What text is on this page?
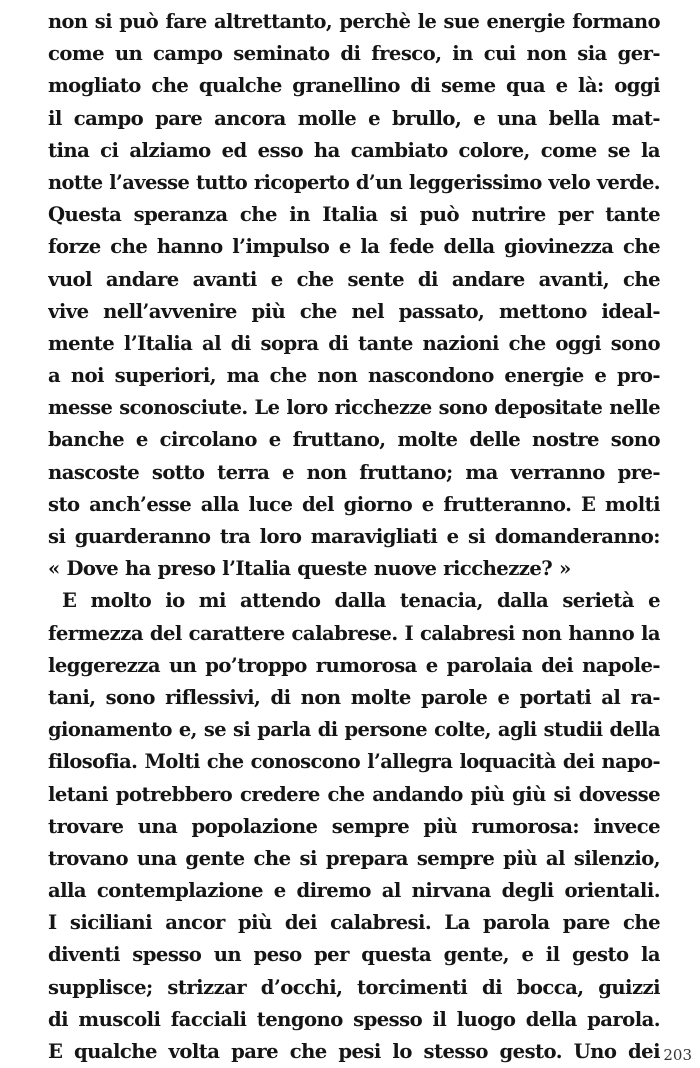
non si può fare altrettanto, perchè le sue energie formano
come un campo seminato di fresco, in cui non sia ger-
mogliato che qualche granellino di seme qua e là: oggi
il campo pare ancora molle e brullo, e una bella mat-
tina ci alziamo ed esso ha cambiato colore, come se la
notte l’avesse tutto ricoperto d’un leggerissimo velo verde.
Questa speranza che in Italia si può nutrire per tante
forze che hanno l’impulso e la fede della giovinezza che
vuol andare avanti e che sente di andare avanti, che
vive nell’avvenire più che nel passato, mettono ideal-
mente l’Italia al di sopra di tante nazioni che oggi sono
a noi superiori, ma che non nascondono energie e pro-
messe sconosciute. Le loro ricchezze sono depositate nelle
banche e circolano e fruttano, molte delle nostre sono
nascoste sotto terra e non fruttano; ma verranno pre-
sto anch’esse alla luce del giorno e frutteranno. E molti
si guarderanno tra loro maravigliati e si domanderanno:
« Dove ha preso l’Italia queste nuove ricchezze? »
E molto io mi attendo dalla tenacia, dalla serietà e
fermezza del carattere calabrese. I calabresi non hanno la
leggerezza un po’troppo rumorosa e parolaia dei napole-
tani, sono riflessivi, di non molte parole e portati al ra-
gionamento e, se si parla di persone colte, agli studii della
filosofia. Molti che conoscono l’allegra loquacità dei napo-
letani potrebbero credere che andando più giù si dovesse
trovare una popolazione sempre più rumorosa: invece
trovano una gente che si prepara sempre più al silenzio,
alla contemplazione e diremo al nirvana degli orientali.
I siciliani ancor più dei calabresi. La parola pare che
diventi spesso un peso per questa gente, e il gesto la
supplisce; strizzar d’occhi, torcimenti di bocca, guizzi
di muscoli facciali tengono spesso il luogo della parola.
E qualche volta pare che pesi lo stesso gesto. Uno dei 203
